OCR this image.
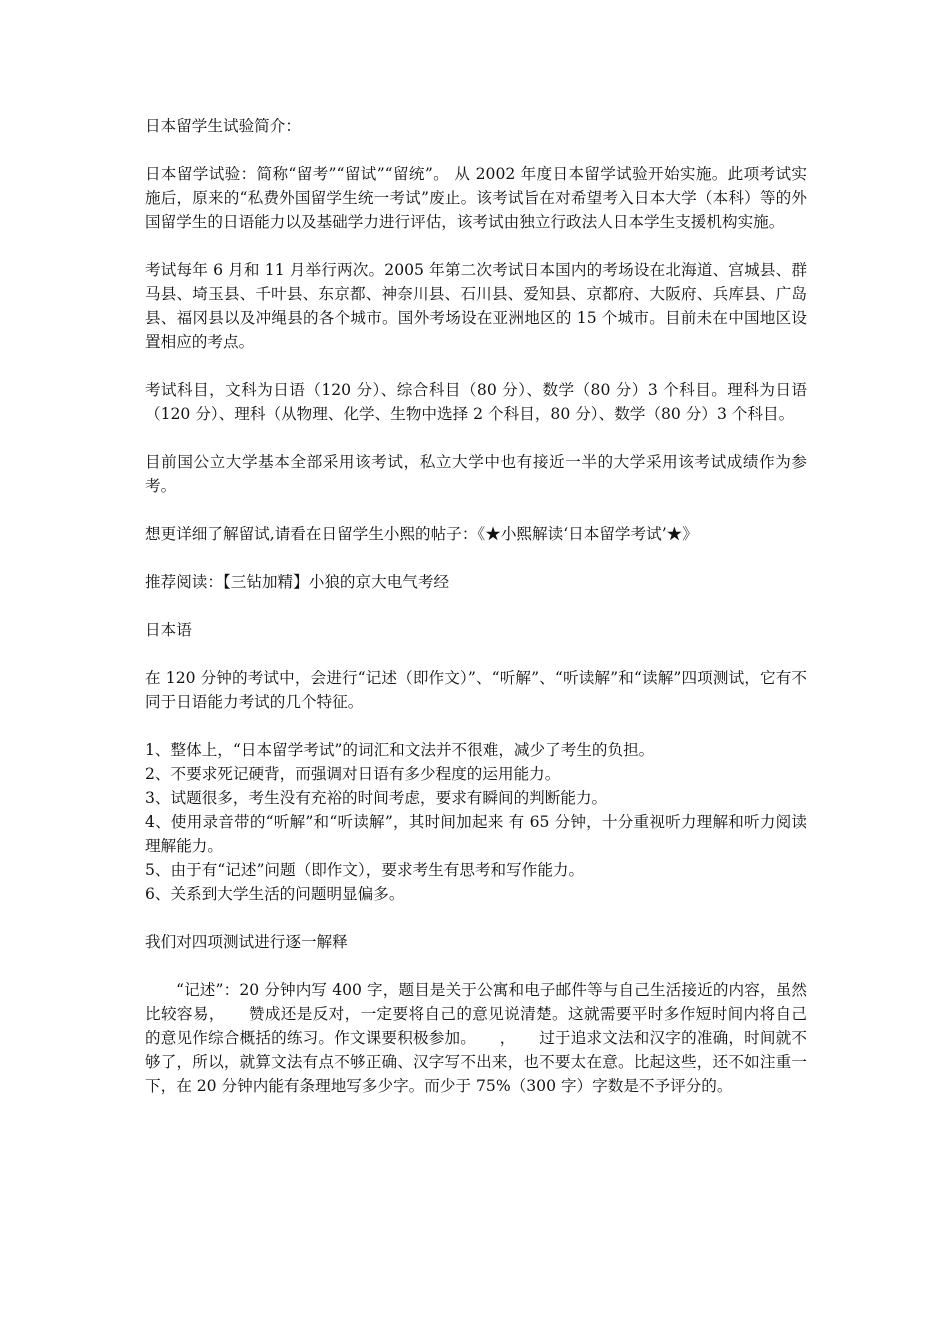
日本留学生试验简介：

日本留学试验：简称“留考”“留试”“留统”。 从 2002 年度日本留学试验开始实施。此项考试实施后，原来的“私费外国留学生统一考试”废止。该考试旨在对希望考入日本大学（本科）等的外国留学生的日语能力以及基础学力进行评估，该考试由独立行政法人日本学生支援机构实施。

考试每年 6 月和 11 月举行两次。2005 年第二次考试日本国内的考场设在北海道、宫城县、群马县、埼玉县、千叶县、东京都、神奈川县、石川县、爱知县、京都府、大阪府、兵库县、广岛县、福冈县以及冲绳县的各个城市。国外考场设在亚洲地区的 15 个城市。目前未在中国地区设置相应的考点。

考试科目，文科为日语（120 分）、综合科目（80 分）、数学（80 分）3 个科目。理科为日语（120 分）、理科（从物理、化学、生物中选择 2 个科目，80 分）、数学（80 分）3 个科目。

目前国公立大学基本全部采用该考试，私立大学中也有接近一半的大学采用该考试成绩作为参考。

想更详细了解留试,请看在日留学生小熙的帖子：《★小熙解读‘日本留学考试’★》

推荐阅读：【三钻加精】小狼的京大电气考经

日本语

在 120 分钟的考试中，会进行“记述（即作文）”、“听解”、“听读解”和“读解”四项测试，它有不同于日语能力考试的几个特征。

1、整体上，“日本留学考试”的词汇和文法并不很难，减少了考生的负担。

2、不要求死记硬背，而强调对日语有多少程度的运用能力。

3、试题很多，考生没有充裕的时间考虑，要求有瞬间的判断能力。

4、使用录音带的“听解”和“听读解”，其时间加起来 有 65 分钟，十分重视听力理解和听力阅读理解能力。

5、由于有“记述”问题（即作文），要求考生有思考和写作能力。

6、关系到大学生活的问题明显偏多。

我们对四项测试进行逐一解释

“记述”：20 分钟内写 400 字，题目是关于公寓和电子邮件等与自己生活接近的内容，虽然比较容易，　　赞成还是反对，一定要将自己的意见说清楚。这就需要平时多作短时间内将自己的意见作综合概括的练习。作文课要积极参加。　　，　　过于追求文法和汉字的准确，时间就不够了，所以，就算文法有点不够正确、汉字写不出来，也不要太在意。比起这些，还不如注重一下，在 20 分钟内能有条理地写多少字。而少于 75%（300 字）字数是不予评分的。
